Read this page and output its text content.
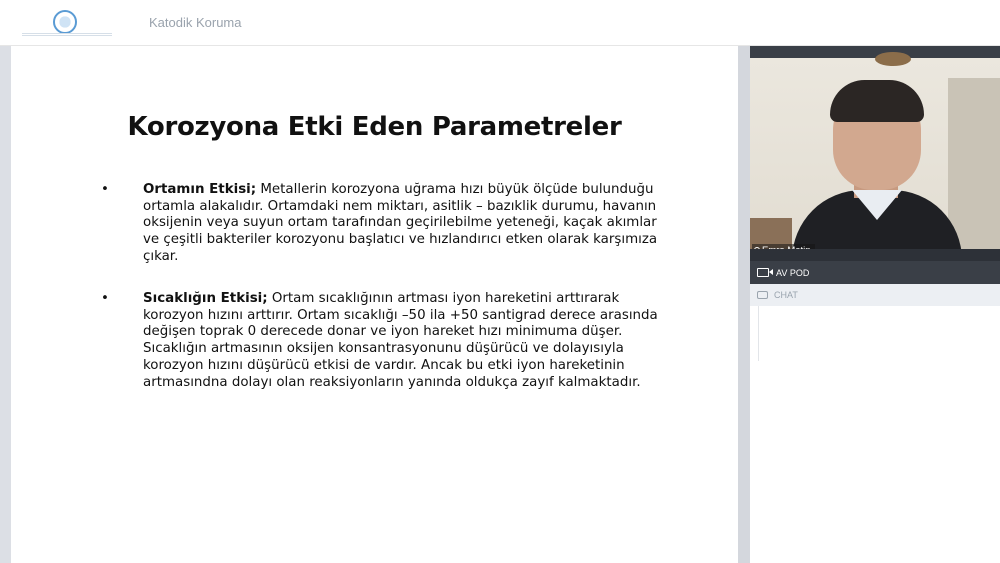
Katodik Koruma
Korozyona Etki Eden Parametreler
•	Ortamın Etkisi; Metallerin korozyona uğrama hızı büyük ölçüde bulunduğu ortamla alakalıdır. Ortamdaki nem miktarı, asitlik – bazıklik durumu, havanın oksijenin veya suyun ortam tarafından geçirilebilme yeteneği, kaçak akımlar ve çeşitli bakteriler korozyonu başlatıcı ve hızlandırıcı etken olarak karşımıza çıkar.
•	Sıcaklığın Etkisi; Ortam sıcaklığının artması iyon hareketini arttırarak korozyon hızını arttırır. Ortam sıcaklığı –50 ila +50 santigrad derece arasında değişen toprak 0 derecede donar ve iyon hareket hızı minimuma düşer. Sıcaklığın artmasının oksijen konsantrasyonunu düşürücü ve dolayısıyla korozyon hızını düşürücü etkisi de vardır. Ancak bu etki iyon hareketinin artmasındna dolayı olan reaksiyonların yanında oldukça zayıf kalmaktadır.
AV POD
CHAT
